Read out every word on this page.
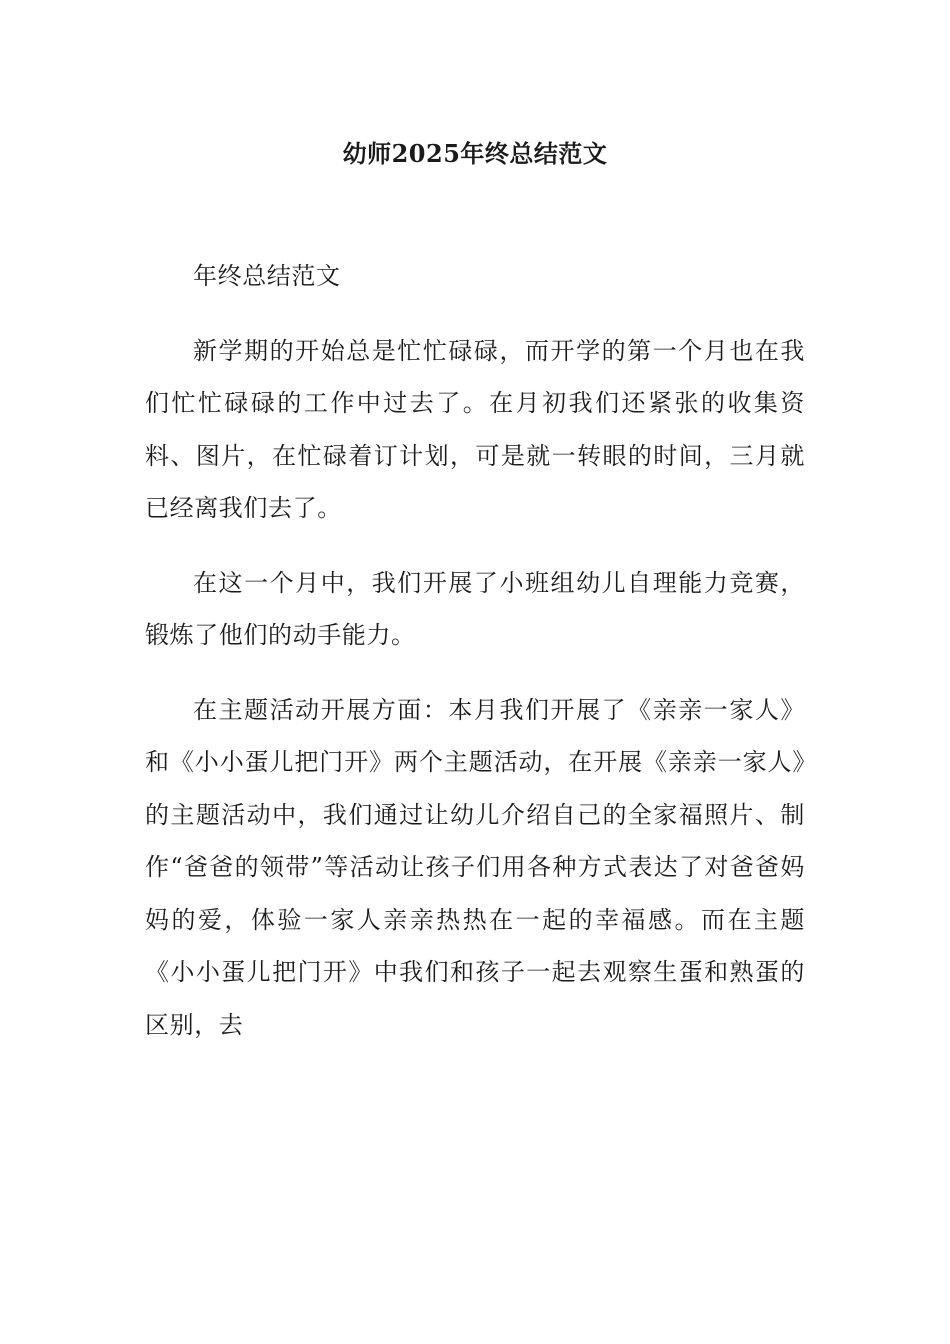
幼师2025年终总结范文

年终总结范文

新学期的开始总是忙忙碌碌，而开学的第一个月也在我们忙忙碌碌的工作中过去了。在月初我们还紧张的收集资料、图片，在忙碌着订计划，可是就一转眼的时间，三月就已经离我们去了。

在这一个月中，我们开展了小班组幼儿自理能力竞赛，锻炼了他们的动手能力。

在主题活动开展方面：本月我们开展了《亲亲一家人》和《小小蛋儿把门开》两个主题活动，在开展《亲亲一家人》的主题活动中，我们通过让幼儿介绍自己的全家福照片、制作“爸爸的领带”等活动让孩子们用各种方式表达了对爸爸妈妈的爱，体验一家人亲亲热热在一起的幸福感。而在主题《小小蛋儿把门开》中我们和孩子一起去观察生蛋和熟蛋的区别，去
